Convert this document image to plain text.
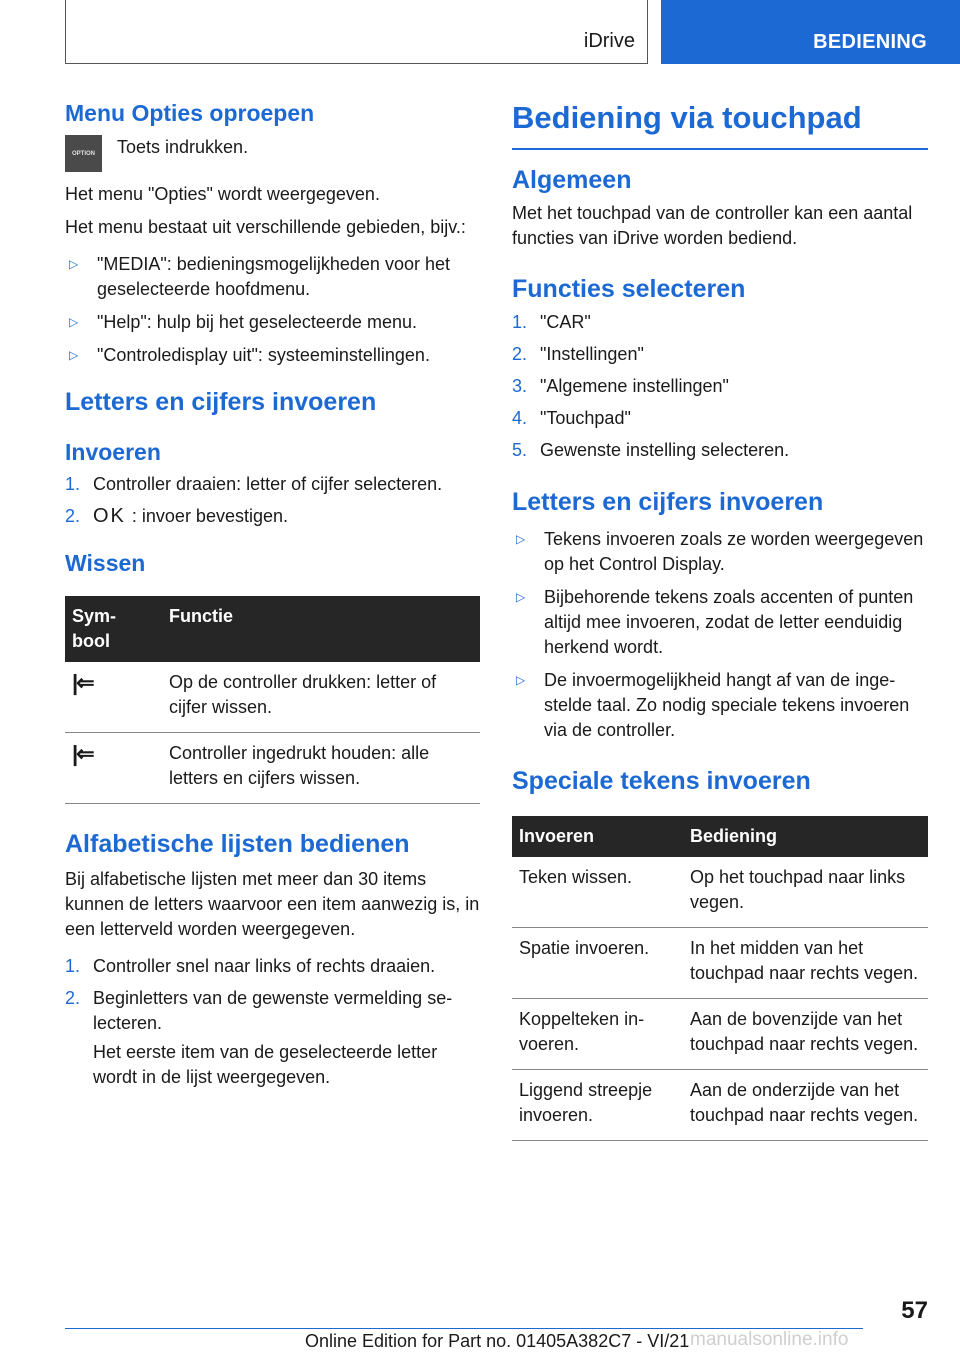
iDrive	BEDIENING
Menu Opties oproepen
OPTION Toets indrukken.

Het menu "Opties" wordt weergegeven.

Het menu bestaat uit verschillende gebieden, bijv.:

▷	"MEDIA": bedieningsmogelijkheden voor het geselecteerde hoofdmenu.
▷	"Help": hulp bij het geselecteerde menu.
▷	"Controledisplay uit": systeeminstellingen.
Letters en cijfers invoeren
Invoeren
1. Controller draaien: letter of cijfer selecteren.
2. OK : invoer bevestigen.
Wissen
Sym-
bool	Functie
|⇐	Op de controller drukken: letter of cijfer wissen.
|⇐	Controller ingedrukt houden: alle letters en cijfers wissen.
Alfabetische lijsten bedienen

Bij alfabetische lijsten met meer dan 30 items kunnen de letters waarvoor een item aanwezig is, in een letterveld worden weergegeven.

1. Controller snel naar links of rechts draaien.
2. Beginletters van de gewenste vermelding selecteren.

Het eerste item van de geselecteerde letter wordt in de lijst weergegeven.

Bediening via touchpad
Algemeen

Met het touchpad van de controller kan een aantal functies van iDrive worden bediend.

Functies selecteren
1. "CAR"
2. "Instellingen"
3. "Algemene instellingen"
4. "Touchpad"
5. Gewenste instelling selecteren.
Letters en cijfers invoeren
▷	Tekens invoeren zoals ze worden weergegeven op het Control Display.
▷	Bijbehorende tekens zoals accenten of punten altijd mee invoeren, zodat de letter eenduidig herkend wordt.
▷	De invoermogelijkheid hangt af van de ingestelde taal. Zo nodig speciale tekens invoeren via de controller.
Speciale tekens invoeren
Invoeren	Bediening
Teken wissen.	Op het touchpad naar links vegen.
Spatie invoeren.	In het midden van het touchpad naar rechts vegen.
Koppelteken invoeren.	Aan de bovenzijde van het touchpad naar rechts vegen.
Liggend streepje invoeren.	Aan de onderzijde van het touchpad naar rechts vegen.
57
Online Edition for Part no. 01405A382C7 - VI/21 manualsonline.info
